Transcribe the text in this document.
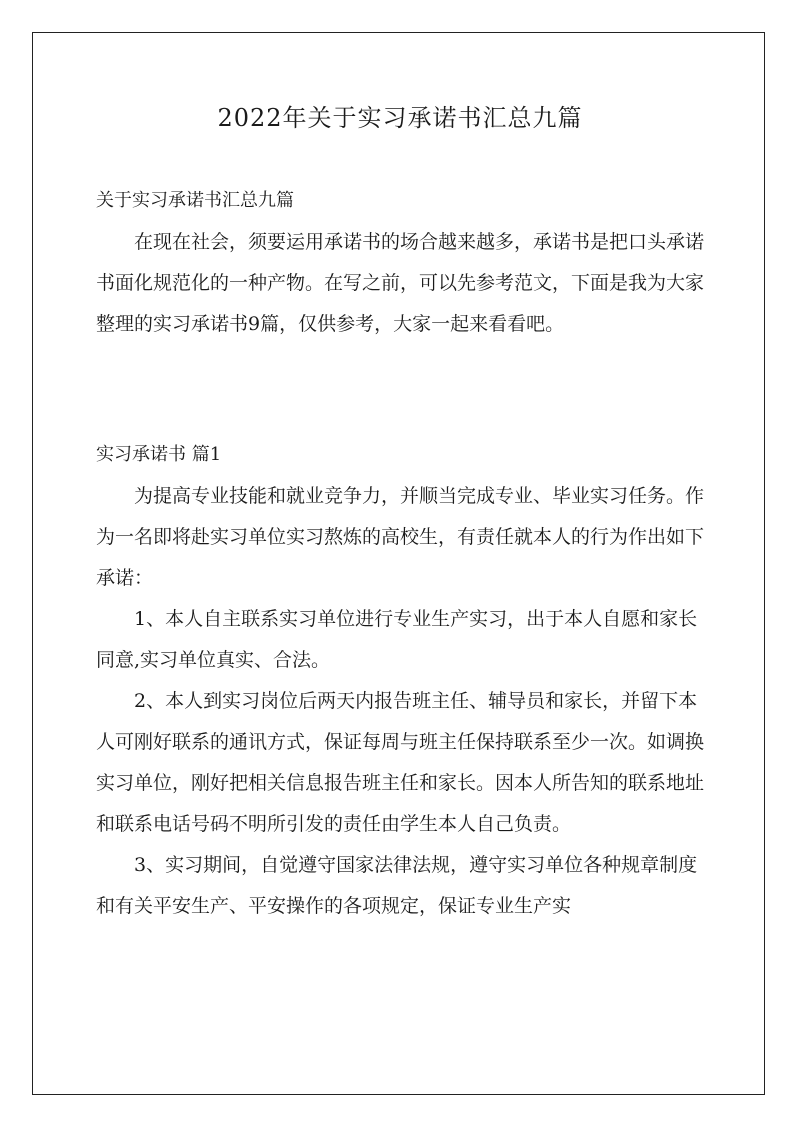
2022年关于实习承诺书汇总九篇
关于实习承诺书汇总九篇

在现在社会，须要运用承诺书的场合越来越多，承诺书是把口头承诺书面化规范化的一种产物。在写之前，可以先参考范文，下面是我为大家整理的实习承诺书9篇，仅供参考，大家一起来看看吧。

实习承诺书 篇1

为提高专业技能和就业竞争力，并顺当完成专业、毕业实习任务。作为一名即将赴实习单位实习熬炼的高校生，有责任就本人的行为作出如下承诺：

1、本人自主联系实习单位进行专业生产实习，出于本人自愿和家长同意,实习单位真实、合法。

2、本人到实习岗位后两天内报告班主任、辅导员和家长，并留下本人可刚好联系的通讯方式，保证每周与班主任保持联系至少一次。如调换实习单位，刚好把相关信息报告班主任和家长。因本人所告知的联系地址和联系电话号码不明所引发的责任由学生本人自己负责。

3、实习期间，自觉遵守国家法律法规，遵守实习单位各种规章制度和有关平安生产、平安操作的各项规定，保证专业生产实
